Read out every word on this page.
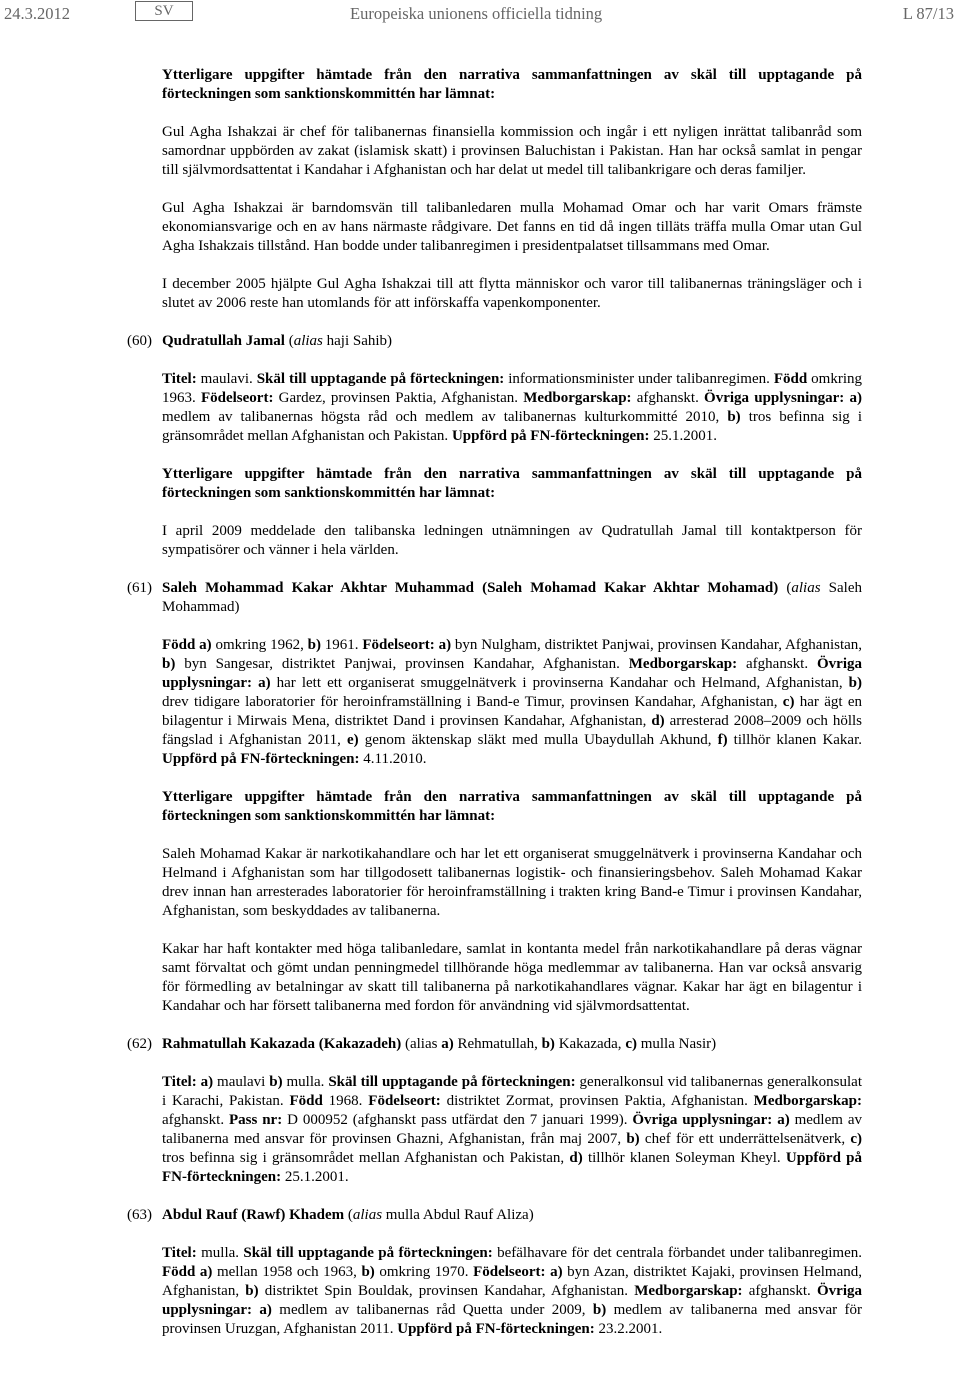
24.3.2012	SV	Europeiska unionens officiella tidning	L 87/13

Ytterligare uppgifter hämtade från den narrativa sammanfattningen av skäl till upptagande på förteckningen som sanktionskommittén har lämnat:

Gul Agha Ishakzai är chef för talibanernas finansiella kommission och ingår i ett nyligen inrättat talibanråd som samordnar uppbörden av zakat (islamisk skatt) i provinsen Baluchistan i Pakistan. Han har också samlat in pengar till självmordsattentat i Kandahar i Afghanistan och har delat ut medel till talibankrigare och deras familjer.

Gul Agha Ishakzai är barndomsvän till talibanledaren mulla Mohamad Omar och har varit Omars främste ekonomiansvarige och en av hans närmaste rådgivare. Det fanns en tid då ingen tilläts träffa mulla Omar utan Gul Agha Ishakzais tillstånd. Han bodde under talibanregimen i presidentpalatset tillsammans med Omar.

I december 2005 hjälpte Gul Agha Ishakzai till att flytta människor och varor till talibanernas träningsläger och i slutet av 2006 reste han utomlands för att införskaffa vapenkomponenter.

(60) Qudratullah Jamal (alias haji Sahib)

Titel: maulavi. Skäl till upptagande på förteckningen: informationsminister under talibanregimen. Född omkring 1963. Födelseort: Gardez, provinsen Paktia, Afghanistan. Medborgarskap: afghanskt. Övriga upplysningar: a) medlem av talibanernas högsta råd och medlem av talibanernas kulturkommitté 2010, b) tros befinna sig i gränsområdet mellan Afghanistan och Pakistan. Uppförd på FN-förteckningen: 25.1.2001.

Ytterligare uppgifter hämtade från den narrativa sammanfattningen av skäl till upptagande på förteckningen som sanktionskommittén har lämnat:

I april 2009 meddelade den talibanska ledningen utnämningen av Qudratullah Jamal till kontaktperson för sympatisörer och vänner i hela världen.

(61) Saleh Mohammad Kakar Akhtar Muhammad (Saleh Mohamad Kakar Akhtar Mohamad) (alias Saleh Mohammad)

Född a) omkring 1962, b) 1961. Födelseort: a) byn Nulgham, distriktet Panjwai, provinsen Kandahar, Afghanistan, b) byn Sangesar, distriktet Panjwai, provinsen Kandahar, Afghanistan. Medborgarskap: afghanskt. Övriga upplysningar: a) har lett ett organiserat smuggelnätverk i provinserna Kandahar och Helmand, Afghanistan, b) drev tidigare laboratorier för heroinframställning i Band-e Timur, provinsen Kandahar, Afghanistan, c) har ägt en bilagentur i Mirwais Mena, distriktet Dand i provinsen Kandahar, Afghanistan, d) arresterad 2008–2009 och hölls fängslad i Afghanistan 2011, e) genom äktenskap släkt med mulla Ubaydullah Akhund, f) tillhör klanen Kakar. Uppförd på FN-förteckningen: 4.11.2010.

Ytterligare uppgifter hämtade från den narrativa sammanfattningen av skäl till upptagande på förteckningen som sanktionskommittén har lämnat:

Saleh Mohamad Kakar är narkotikahandlare och har let ett organiserat smuggelnätverk i provinserna Kandahar och Helmand i Afghanistan som har tillgodosett talibanernas logistik- och finansieringsbehov. Saleh Mohamad Kakar drev innan han arresterades laboratorier för heroinframställning i trakten kring Band-e Timur i provinsen Kandahar, Afghanistan, som beskyddades av talibanerna.

Kakar har haft kontakter med höga talibanledare, samlat in kontanta medel från narkotikahandlare på deras vägnar samt förvaltat och gömt undan penningmedel tillhörande höga medlemmar av talibanerna. Han var också ansvarig för förmedling av betalningar av skatt till talibanerna på narkotikahandlares vägnar. Kakar har ägt en bilagentur i Kandahar och har försett talibanerna med fordon för användning vid självmordsattentat.

(62) Rahmatullah Kakazada (Kakazadeh) (alias a) Rehmatullah, b) Kakazada, c) mulla Nasir)

Titel: a) maulavi b) mulla. Skäl till upptagande på förteckningen: generalkonsul vid talibanernas generalkonsulat i Karachi, Pakistan. Född 1968. Födelseort: distriktet Zormat, provinsen Paktia, Afghanistan. Medborgarskap: afghanskt. Pass nr: D 000952 (afghanskt pass utfärdat den 7 januari 1999). Övriga upplysningar: a) medlem av talibanerna med ansvar för provinsen Ghazni, Afghanistan, från maj 2007, b) chef för ett underrättelsenätverk, c) tros befinna sig i gränsområdet mellan Afghanistan och Pakistan, d) tillhör klanen Soleyman Kheyl. Uppförd på FN-förteckningen: 25.1.2001.

(63) Abdul Rauf (Rawf) Khadem (alias mulla Abdul Rauf Aliza)

Titel: mulla. Skäl till upptagande på förteckningen: befälhavare för det centrala förbandet under talibanregimen. Född a) mellan 1958 och 1963, b) omkring 1970. Födelseort: a) byn Azan, distriktet Kajaki, provinsen Helmand, Afghanistan, b) distriktet Spin Bouldak, provinsen Kandahar, Afghanistan. Medborgarskap: afghanskt. Övriga upplysningar: a) medlem av talibanernas råd Quetta under 2009, b) medlem av talibanerna med ansvar för provinsen Uruzgan, Afghanistan 2011. Uppförd på FN-förteckningen: 23.2.2001.
